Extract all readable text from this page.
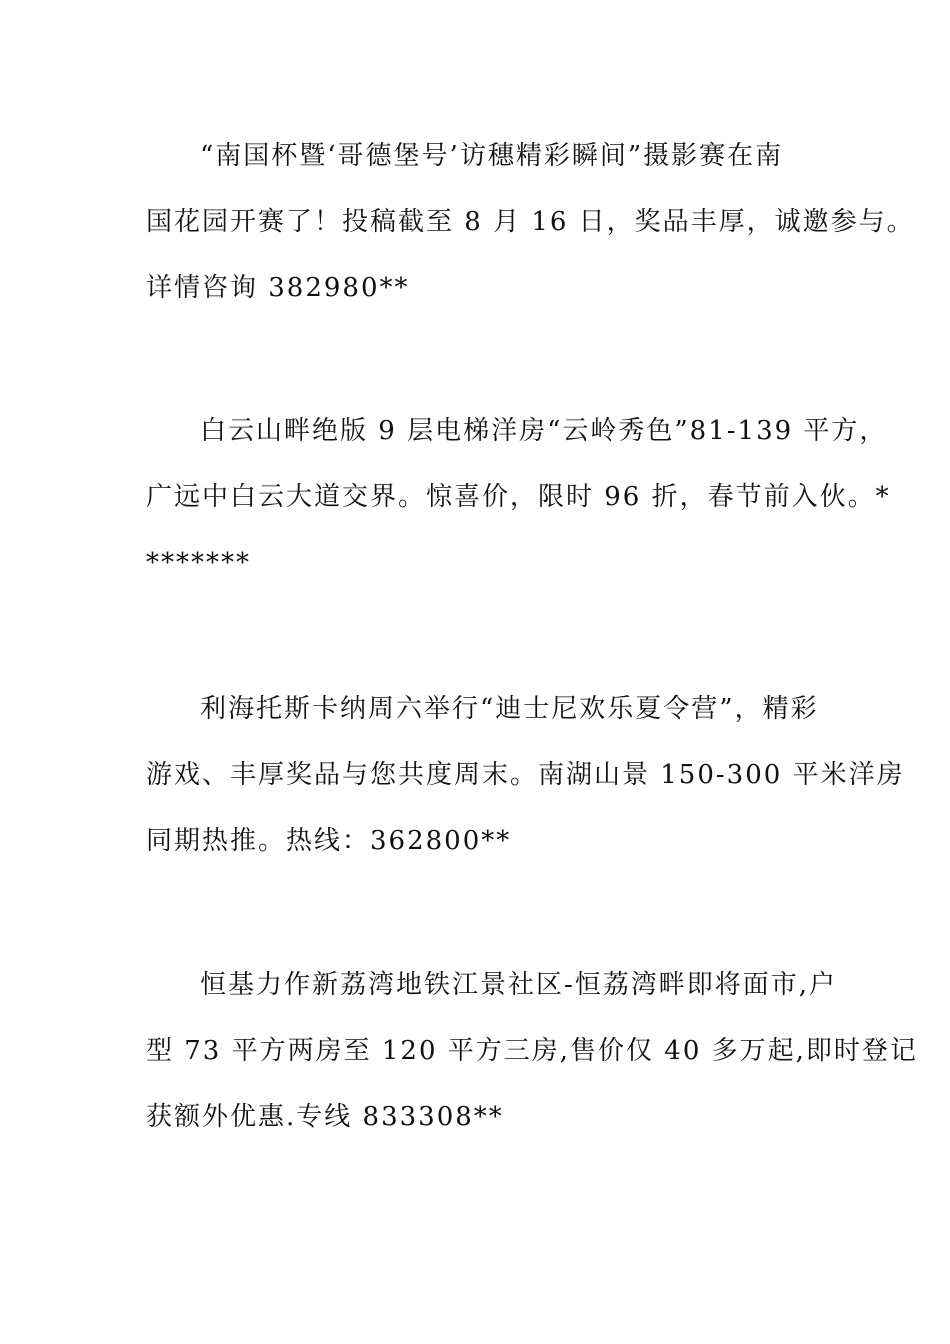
“南国杯暨‘哥德堡号’访穗精彩瞬间”摄影赛在南
国花园开赛了！投稿截至 8 月 16 日，奖品丰厚，诚邀参与。
详情咨询 382980**

白云山畔绝版 9 层电梯洋房“云岭秀色”81-139 平方，
广远中白云大道交界。惊喜价，限时 96 折，春节前入伙。*
*******

利海托斯卡纳周六举行“迪士尼欢乐夏令营”，精彩
游戏、丰厚奖品与您共度周末。南湖山景 150-300 平米洋房
同期热推。热线：362800**

恒基力作新荔湾地铁江景社区-恒荔湾畔即将面市,户
型 73 平方两房至 120 平方三房,售价仅 40 多万起,即时登记
获额外优惠.专线 833308**
